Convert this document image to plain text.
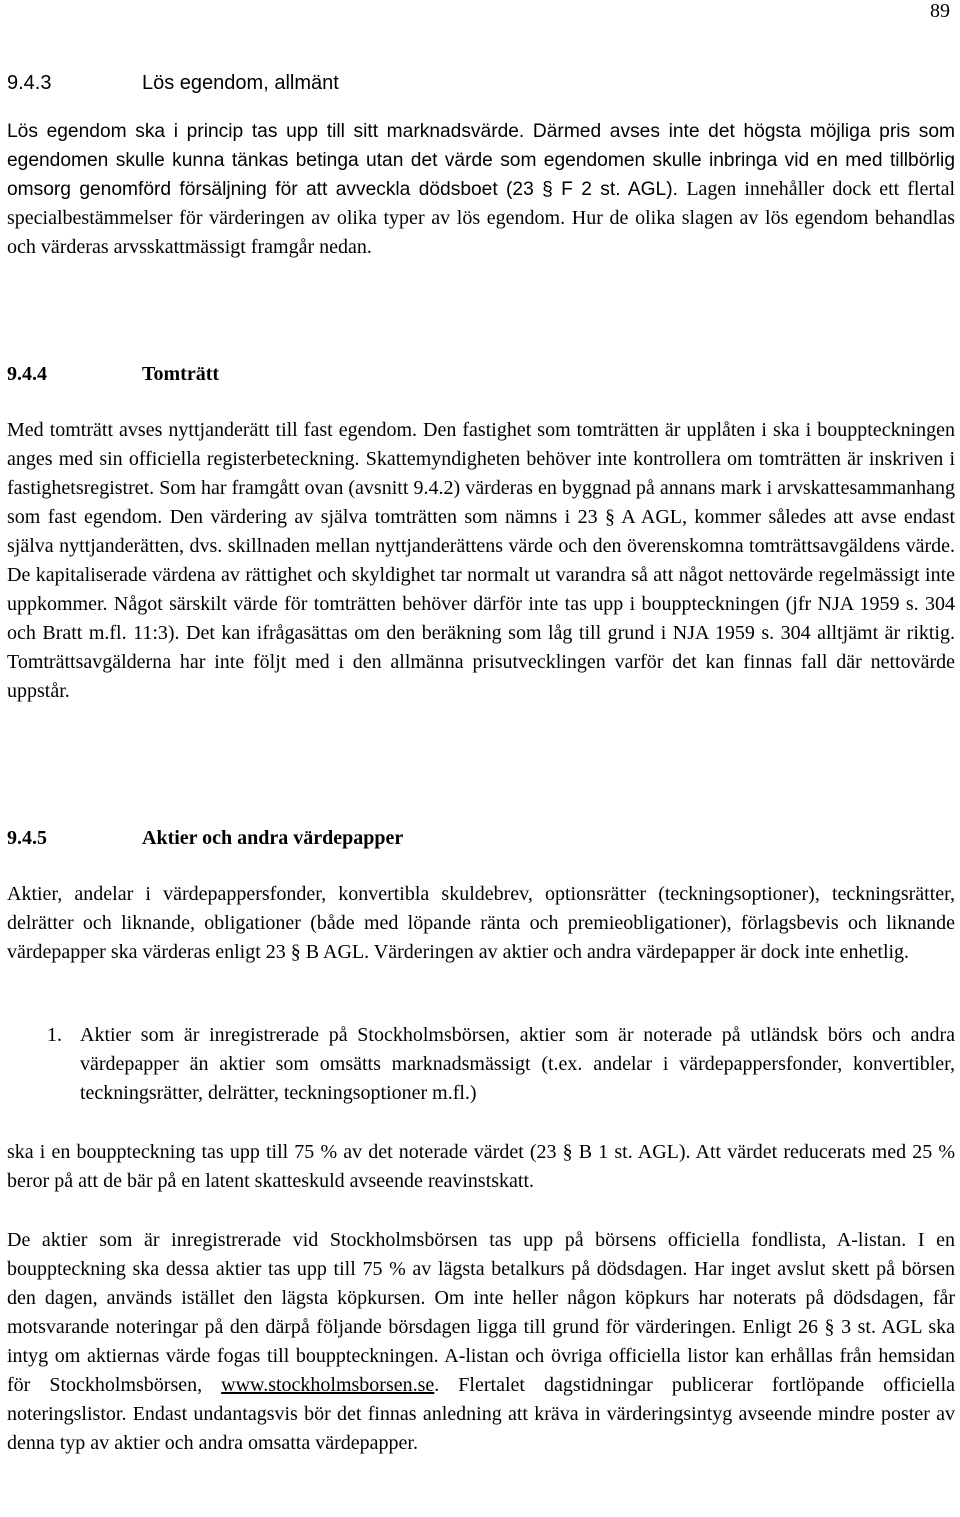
89
9.4.3	Lös egendom, allmänt

Lös egendom ska i princip tas upp till sitt marknadsvärde. Därmed avses inte det högsta möjliga pris som egendomen skulle kunna tänkas betinga utan det värde som egendomen skulle inbringa vid en med tillbörlig omsorg genomförd försäljning för att avveckla dödsboet (23 § F 2 st. AGL). Lagen innehåller dock ett flertal specialbestämmelser för värderingen av olika typer av lös egendom. Hur de olika slagen av lös egendom behandlas och värderas arvsskattmässigt framgår nedan.

9.4.4	Tomträtt

Med tomträtt avses nyttjanderätt till fast egendom. Den fastighet som tomträtten är upplåten i ska i bouppteckningen anges med sin officiella registerbeteckning. Skattemyndigheten behöver inte kontrollera om tomträtten är inskriven i fastighetsregistret. Som har framgått ovan (avsnitt 9.4.2) värderas en byggnad på annans mark i arvskattesammanhang som fast egendom. Den värdering av själva tomträtten som nämns i 23 § A AGL, kommer således att avse endast själva nyttjanderätten, dvs. skillnaden mellan nyttjanderättens värde och den överenskomna tomträttsavgäldens värde. De kapitaliserade värdena av rättighet och skyldighet tar normalt ut varandra så att något nettovärde regelmässigt inte uppkommer. Något särskilt värde för tomträtten behöver därför inte tas upp i bouppteckningen (jfr NJA 1959 s. 304 och Bratt m.fl. 11:3). Det kan ifrågasättas om den beräkning som låg till grund i NJA 1959 s. 304 alltjämt är riktig. Tomträttsavgälderna har inte följt med i den allmänna prisutvecklingen varför det kan finnas fall där nettovärde uppstår.

9.4.5	Aktier och andra värdepapper

Aktier, andelar i värdepappersfonder, konvertibla skuldebrev, optionsrätter (teckningsoptioner), teckningsrätter, delrätter och liknande, obligationer (både med löpande ränta och premieobligationer), förlagsbevis och liknande värdepapper ska värderas enligt 23 § B AGL. Värderingen av aktier och andra värdepapper är dock inte enhetlig.

1. Aktier som är inregistrerade på Stockholmsbörsen, aktier som är noterade på utländsk börs och andra värdepapper än aktier som omsätts marknadsmässigt (t.ex. andelar i värdepappersfonder, konvertibler, teckningsrätter, delrätter, teckningsoptioner m.fl.)

ska i en bouppteckning tas upp till 75 % av det noterade värdet (23 § B 1 st. AGL). Att värdet reducerats med 25 % beror på att de bär på en latent skatteskuld avseende reavinstskatt.

De aktier som är inregistrerade vid Stockholmsbörsen tas upp på börsens officiella fondlista, A-listan. I en bouppteckning ska dessa aktier tas upp till 75 % av lägsta betalkurs på dödsdagen. Har inget avslut skett på börsen den dagen, används istället den lägsta köpkursen. Om inte heller någon köpkurs har noterats på dödsdagen, får motsvarande noteringar på den därpå följande börsdagen ligga till grund för värderingen. Enligt 26 § 3 st. AGL ska intyg om aktiernas värde fogas till bouppteckningen. A-listan och övriga officiella listor kan erhållas från hemsidan för Stockholmsbörsen, www.stockholmsborsen.se. Flertalet dagstidningar publicerar fortlöpande officiella noteringslistor. Endast undantagsvis bör det finnas anledning att kräva in värderingsintyg avseende mindre poster av denna typ av aktier och andra omsatta värdepapper.
